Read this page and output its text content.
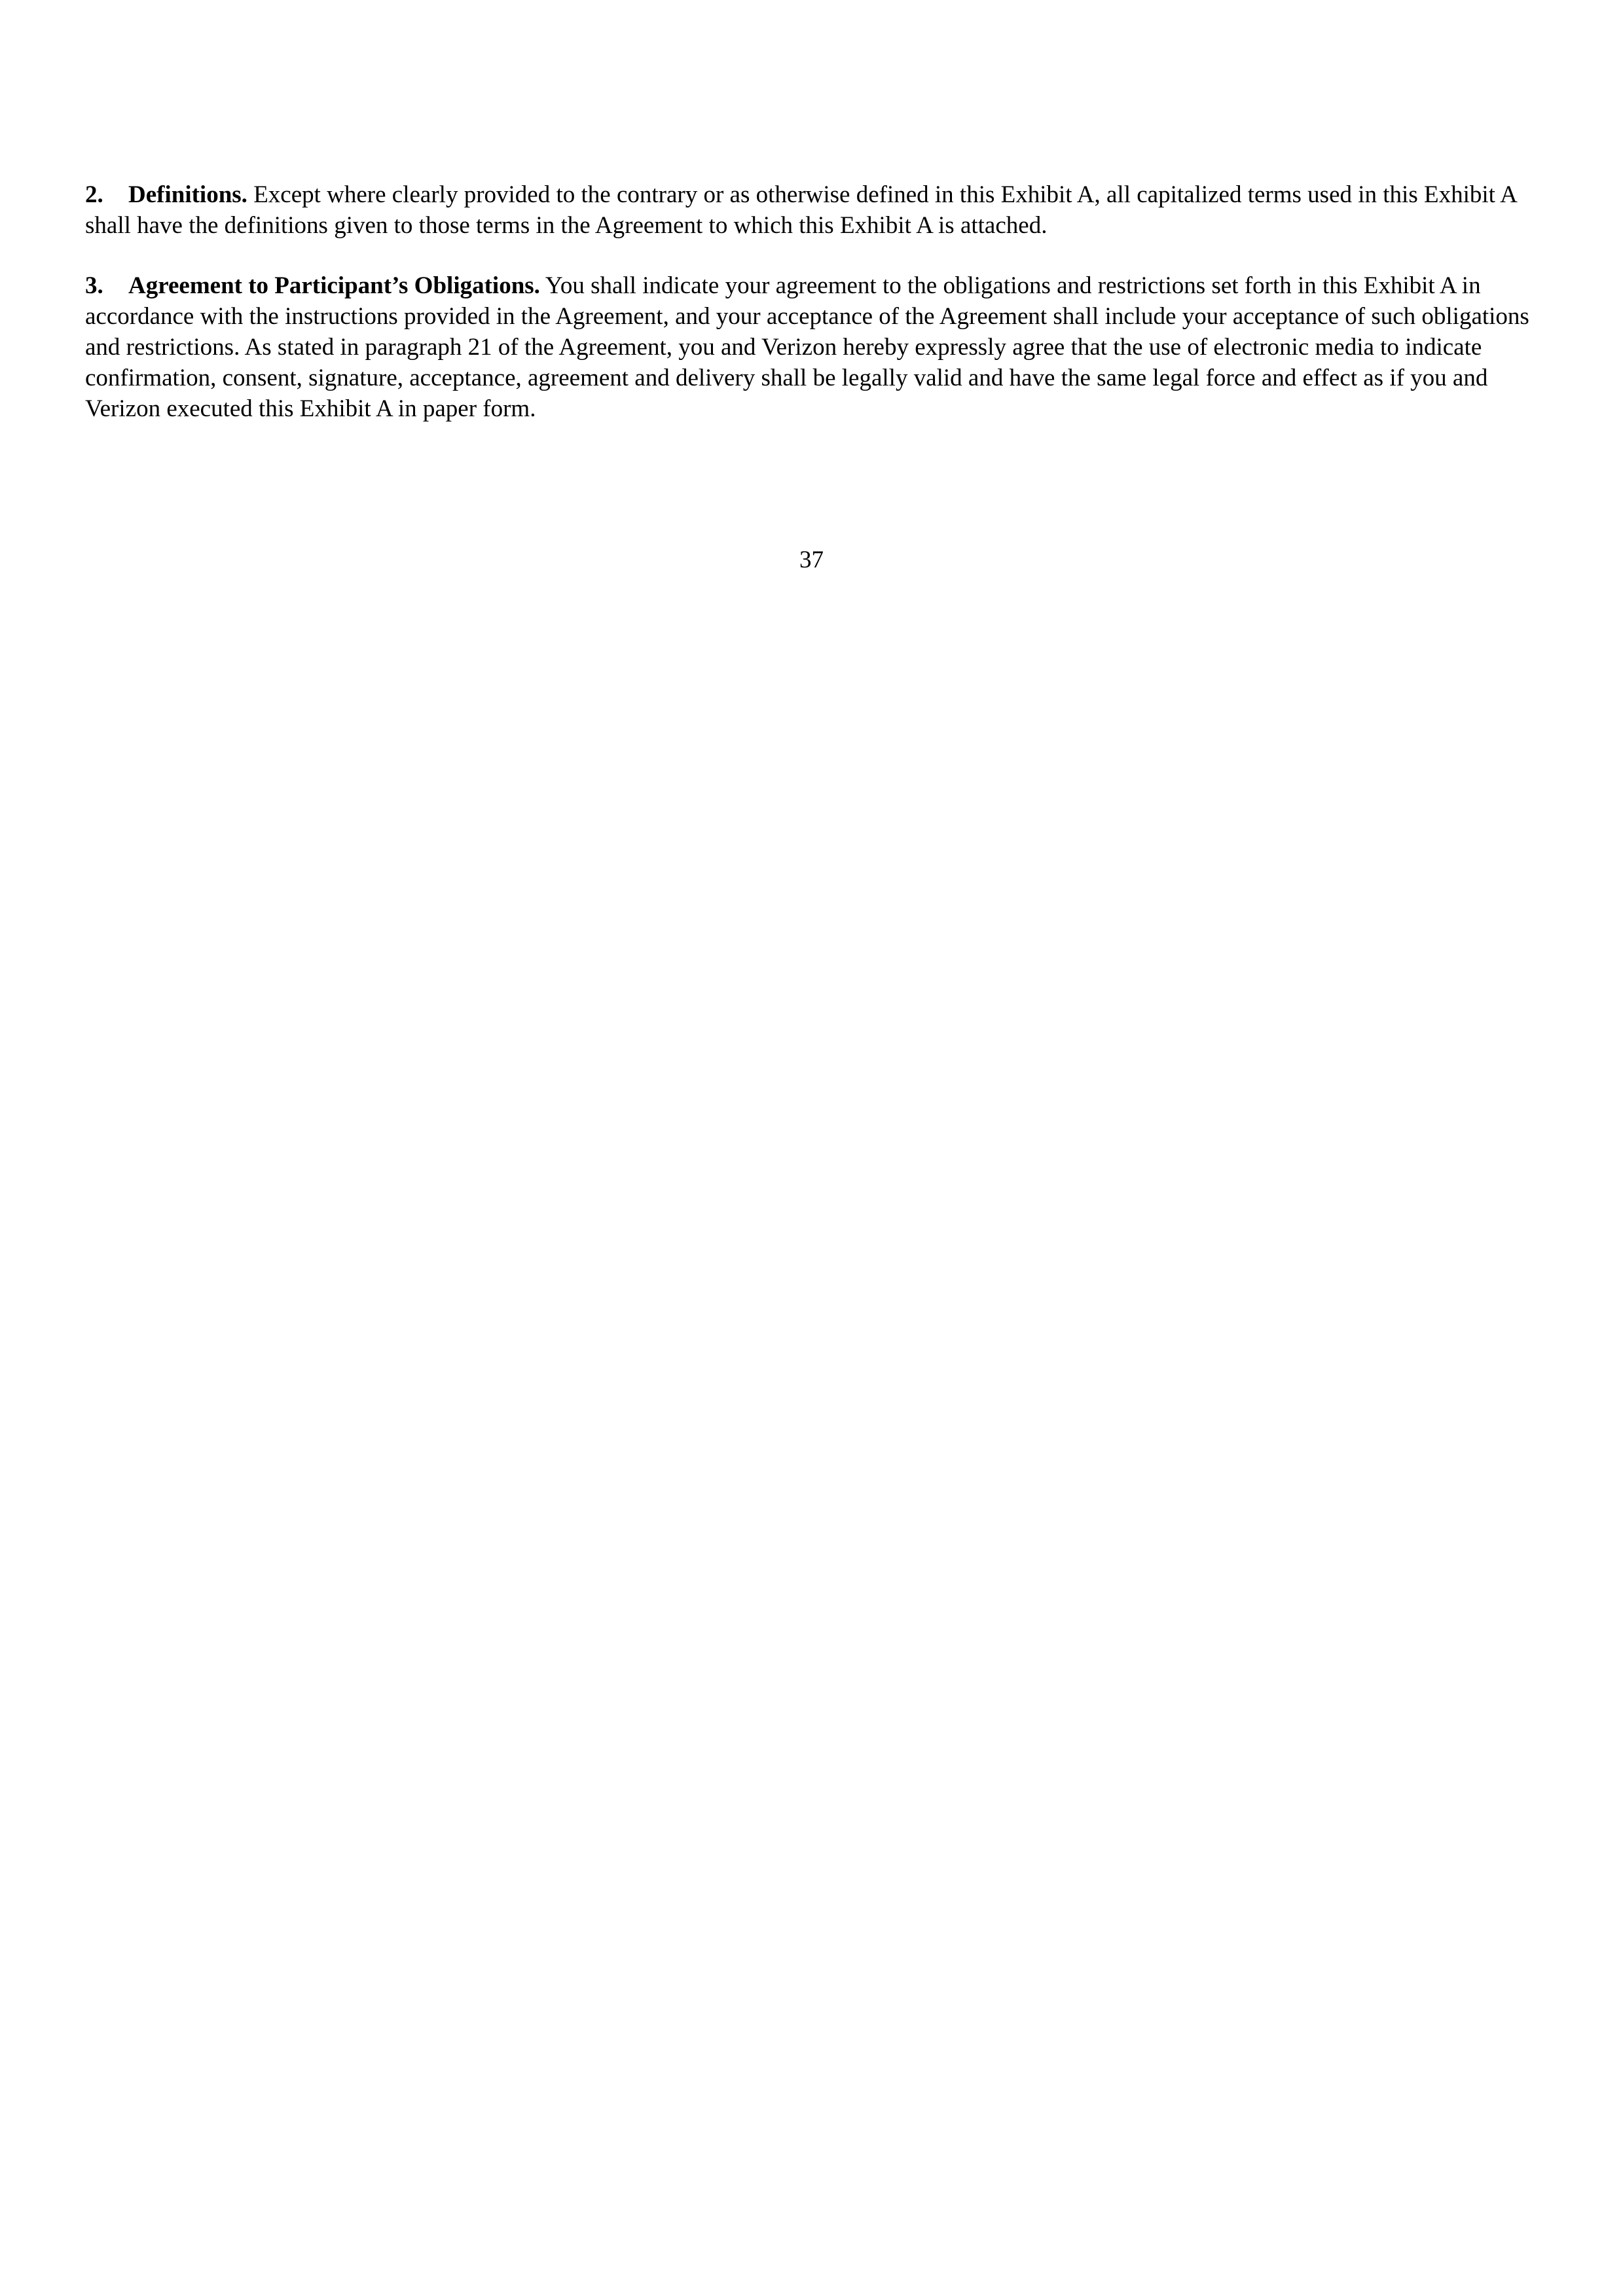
2. Definitions. Except where clearly provided to the contrary or as otherwise defined in this Exhibit A, all capitalized terms used in this Exhibit A shall have the definitions given to those terms in the Agreement to which this Exhibit A is attached.

3. Agreement to Participant’s Obligations. You shall indicate your agreement to the obligations and restrictions set forth in this Exhibit A in accordance with the instructions provided in the Agreement, and your acceptance of the Agreement shall include your acceptance of such obligations and restrictions. As stated in paragraph 21 of the Agreement, you and Verizon hereby expressly agree that the use of electronic media to indicate confirmation, consent, signature, acceptance, agreement and delivery shall be legally valid and have the same legal force and effect as if you and Verizon executed this Exhibit A in paper form.

37
